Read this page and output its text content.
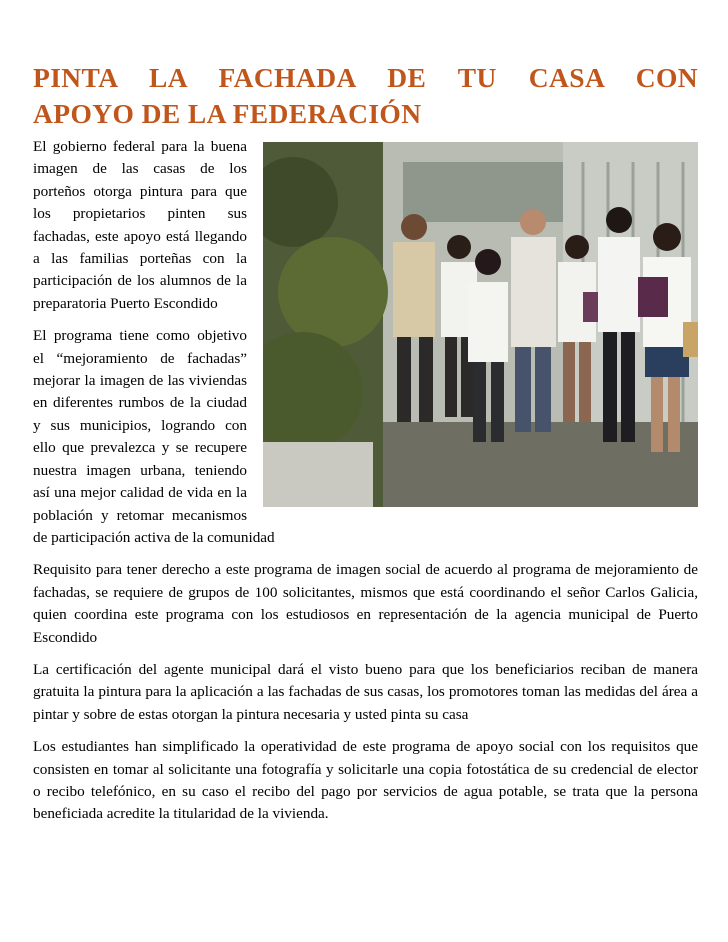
PINTA LA FACHADA DE TU CASA CON
APOYO DE LA FEDERACIÓN

El gobierno federal para la buena imagen de las casas de los porteños otorga pintura para que los propietarios pinten sus fachadas, este apoyo está llegando a las familias porteñas con la participación de los alumnos de la preparatoria Puerto Escondido

El programa tiene como objetivo el “mejoramiento de fachadas” mejorar la imagen de las viviendas en diferentes rumbos de la ciudad y sus municipios, logrando con ello que prevalezca y se recupere nuestra imagen urbana, teniendo así una mejor calidad de vida en la población y retomar mecanismos de participación activa de la comunidad

Requisito para tener derecho a este programa de imagen social de acuerdo al programa de mejoramiento de fachadas, se requiere de grupos de 100 solicitantes, mismos que está coordinando el señor Carlos Galicia, quien coordina este programa con los estudiosos en representación de la agencia municipal de Puerto Escondido

La certificación del agente municipal dará el visto bueno para que los beneficiarios reciban de manera gratuita la pintura para la aplicación a las fachadas de sus casas, los promotores toman las medidas del área a pintar y sobre de estas otorgan la pintura necesaria y usted pinta su casa

Los estudiantes han simplificado la operatividad de este programa de apoyo social con los requisitos que consisten en tomar al solicitante una fotografía y solicitarle una copia fotostática de su credencial de elector o recibo telefónico, en su caso el recibo del pago por servicios de agua potable, se trata que la persona beneficiada acredite la titularidad de la vivienda.
